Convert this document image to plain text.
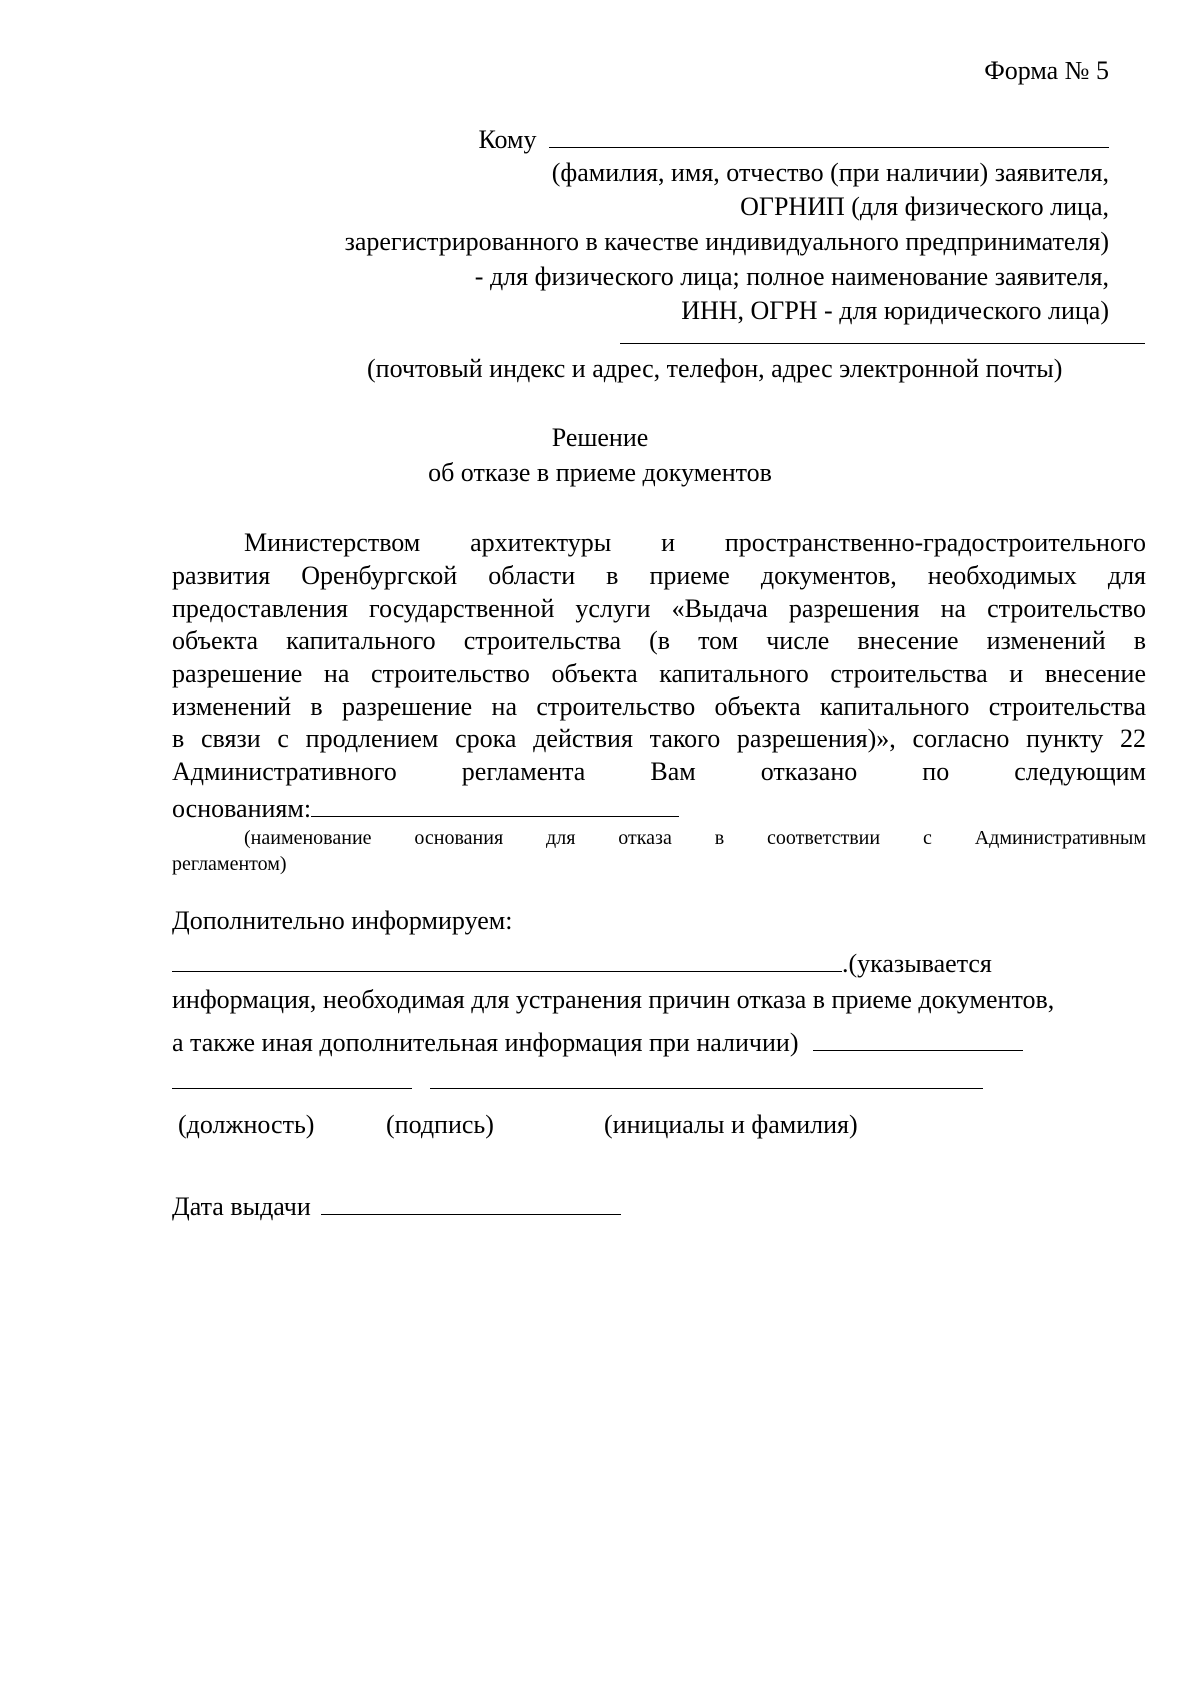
Форма № 5
Кому
(фамилия, имя, отчество (при наличии) заявителя,
ОГРНИП (для физического лица,
зарегистрированного в качестве индивидуального предпринимателя)
- для физического лица; полное наименование заявителя,
ИНН, ОГРН - для юридического лица)
(почтовый индекс и адрес, телефон, адрес электронной почты)
Решение
об отказе в приеме документов
Министерством архитектуры и пространственно-градостроительного
развития Оренбургской области в приеме документов, необходимых для
предоставления государственной услуги «Выдача разрешения на строительство
объекта капитального строительства (в том числе внесение изменений в
разрешение на строительство объекта капитального строительства и внесение
изменений в разрешение на строительство объекта капитального строительства
в связи с продлением срока действия такого разрешения)», согласно пункту 22
Административного регламента Вам отказано по следующим
основаниям:
(наименование основания для отказа в соответствии с Административным
регламентом)
Дополнительно информируем:
.(указывается
информация, необходимая для устранения причин отказа в приеме документов,
а также иная дополнительная информация при наличии)
(должность)	(подпись)	(инициалы и фамилия)
Дата выдачи
